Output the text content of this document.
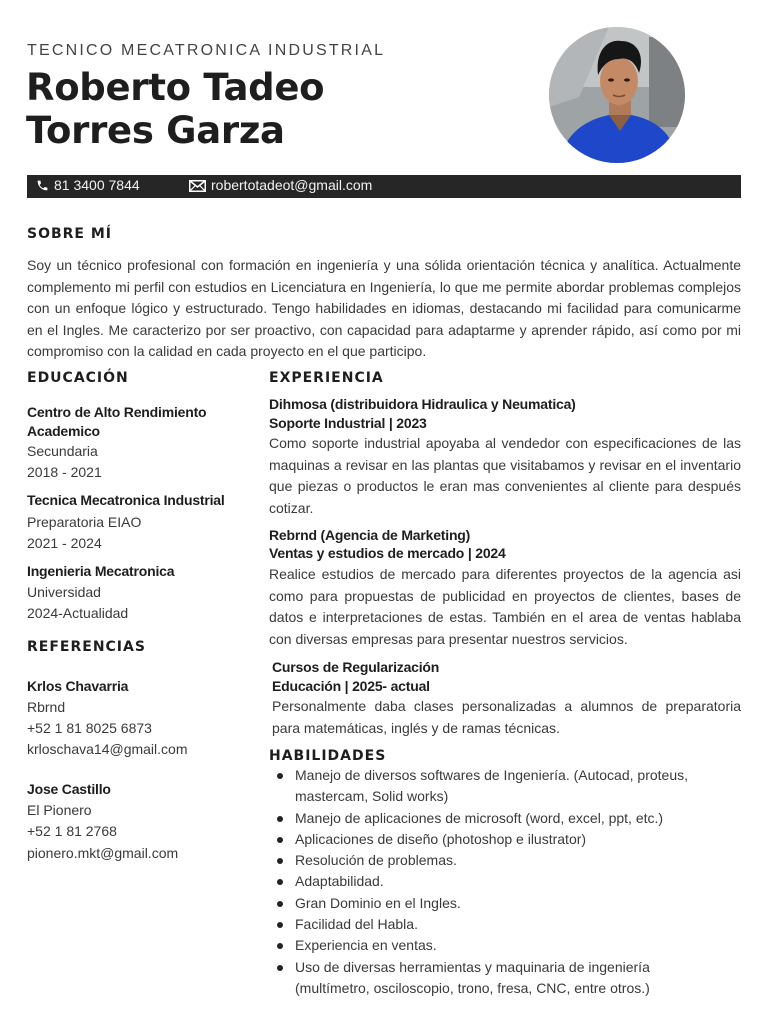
TECNICO MECATRONICA INDUSTRIAL
Roberto Tadeo
Torres Garza
81 3400 7844	robertotadeot@gmail.com
SOBRE MÍ
Soy un técnico profesional con formación en ingeniería y una sólida orientación técnica y analítica. Actualmente complemento mi perfil con estudios en Licenciatura en Ingeniería, lo que me permite abordar problemas complejos con un enfoque lógico y estructurado. Tengo habilidades en idiomas, destacando mi facilidad para comunicarme en el Ingles. Me caracterizo por ser proactivo, con capacidad para adaptarme y aprender rápido, así como por mi compromiso con la calidad en cada proyecto en el que participo.
EDUCACIÓN
Centro de Alto Rendimiento Academico
Secundaria
2018 - 2021
Tecnica Mecatronica Industrial
Preparatoria EIAO
2021 - 2024
Ingenieria Mecatronica
Universidad
2024-Actualidad
REFERENCIAS
Krlos Chavarria
Rbrnd
+52 1 81 8025 6873
krloschava14@gmail.com
Jose Castillo
El Pionero
+52 1 81 2768
pionero.mkt@gmail.com
EXPERIENCIA
Dihmosa (distribuidora Hidraulica y Neumatica)
Soporte Industrial | 2023
Como soporte industrial apoyaba al vendedor con especificaciones de las maquinas a revisar en las plantas que visitabamos y revisar en el inventario que piezas o productos le eran mas convenientes al cliente para después cotizar.
Rebrnd (Agencia de Marketing)
Ventas y estudios de mercado | 2024
Realice estudios de mercado para diferentes proyectos de la agencia asi como para propuestas de publicidad en proyectos de clientes, bases de datos e interpretaciones de estas. También en el area de ventas hablaba con diversas empresas para presentar nuestros servicios.
Cursos de Regularización
Educación | 2025- actual
Personalmente daba clases personalizadas a alumnos de preparatoria para matemáticas, inglés y de ramas técnicas.
HABILIDADES
Manejo de diversos softwares de Ingeniería. (Autocad, proteus, mastercam, Solid works)
Manejo de aplicaciones de microsoft (word, excel, ppt, etc.)
Aplicaciones de diseño (photoshop e ilustrator)
Resolución de problemas.
Adaptabilidad.
Gran Dominio en el Ingles.
Facilidad del Habla.
Experiencia en ventas.
Uso de diversas herramientas y maquinaria de ingeniería (multímetro, osciloscopio, trono, fresa, CNC, entre otros.)
